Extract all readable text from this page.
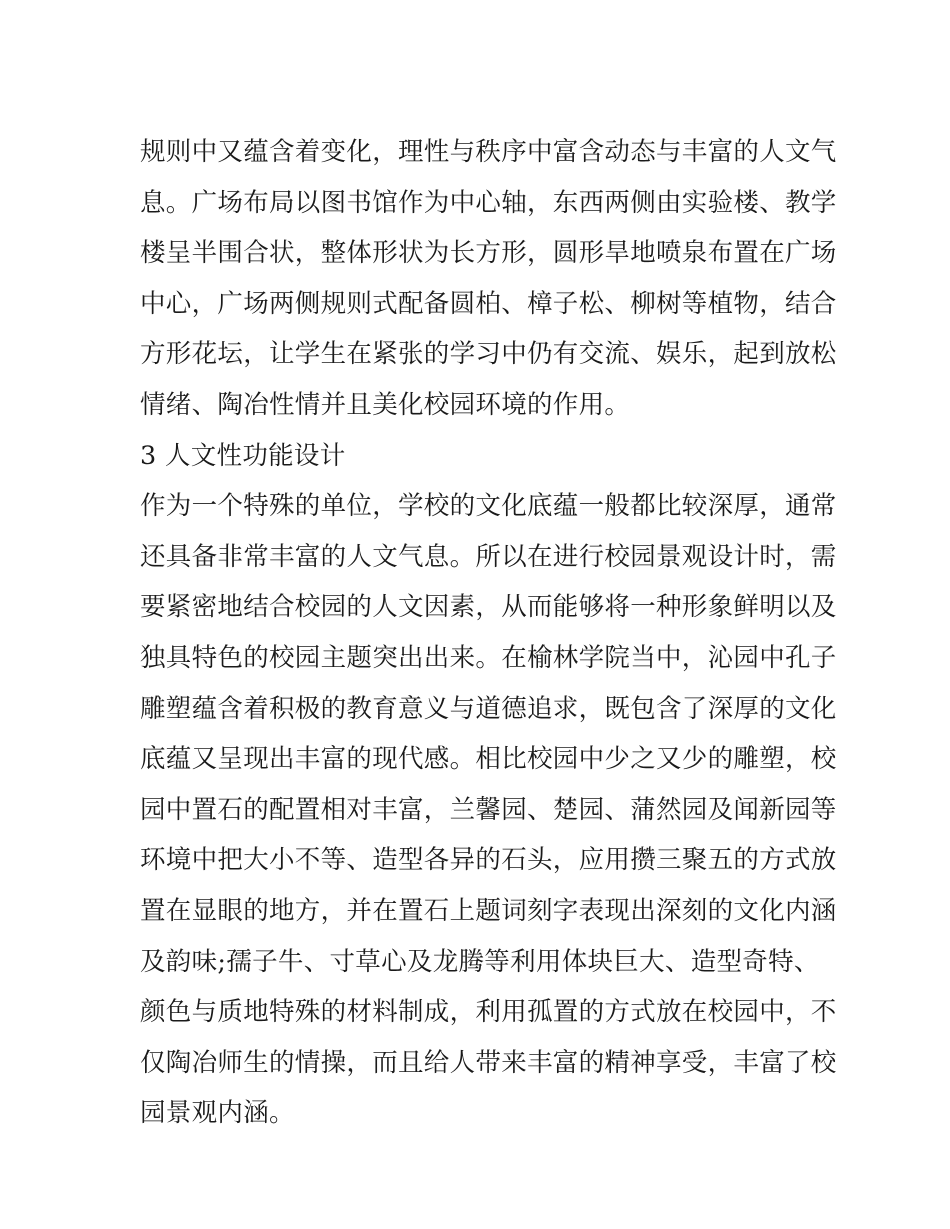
规则中又蕴含着变化，理性与秩序中富含动态与丰富的人文气
息。广场布局以图书馆作为中心轴，东西两侧由实验楼、教学
楼呈半围合状，整体形状为长方形，圆形旱地喷泉布置在广场
中心，广场两侧规则式配备圆柏、樟子松、柳树等植物，结合
方形花坛，让学生在紧张的学习中仍有交流、娱乐，起到放松
情绪、陶冶性情并且美化校园环境的作用。
3 人文性功能设计
作为一个特殊的单位，学校的文化底蕴一般都比较深厚，通常
还具备非常丰富的人文气息。所以在进行校园景观设计时，需
要紧密地结合校园的人文因素，从而能够将一种形象鲜明以及
独具特色的校园主题突出出来。在榆林学院当中，沁园中孔子
雕塑蕴含着积极的教育意义与道德追求，既包含了深厚的文化
底蕴又呈现出丰富的现代感。相比校园中少之又少的雕塑，校
园中置石的配置相对丰富，兰馨园、楚园、蒲然园及闻新园等
环境中把大小不等、造型各异的石头，应用攒三聚五的方式放
置在显眼的地方，并在置石上题词刻字表现出深刻的文化内涵
及韵味;孺子牛、寸草心及龙腾等利用体块巨大、造型奇特、
颜色与质地特殊的材料制成，利用孤置的方式放在校园中，不
仅陶冶师生的情操，而且给人带来丰富的精神享受，丰富了校
园景观内涵。
